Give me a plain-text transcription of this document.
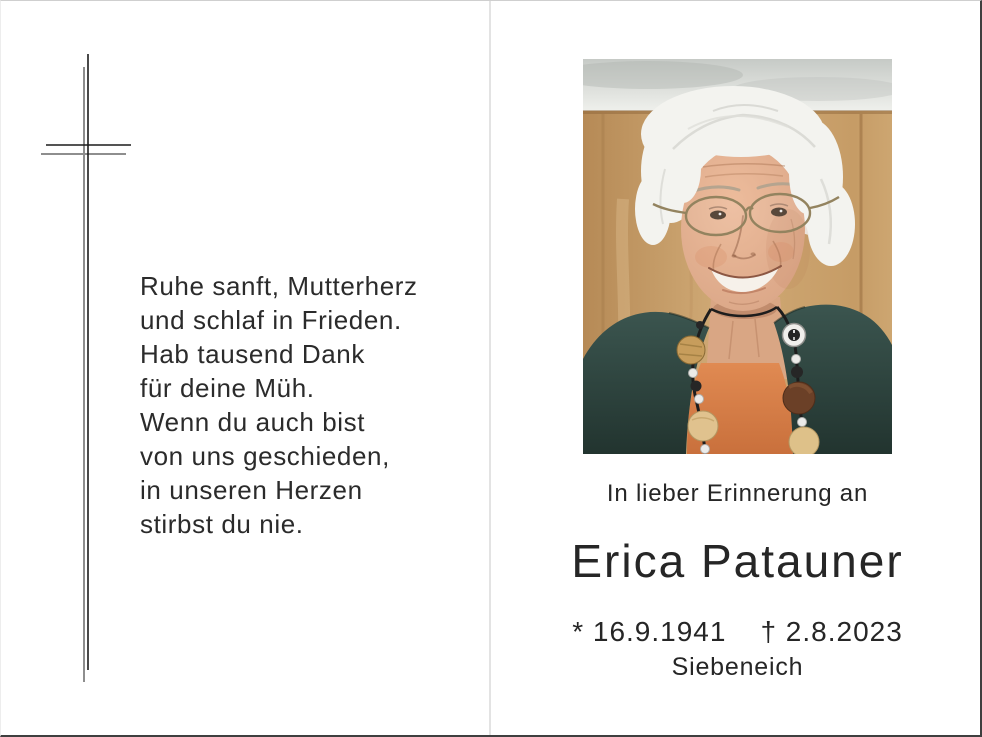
Ruhe sanft, Mutterherz
und schlaf in Frieden.
Hab tausend Dank
für deine Müh.
Wenn du auch bist
von uns geschieden,
in unseren Herzen
stirbst du nie.
In lieber Erinnerung an
Erica Patauner
* 16.9.1941 † 2.8.2023
Siebeneich
